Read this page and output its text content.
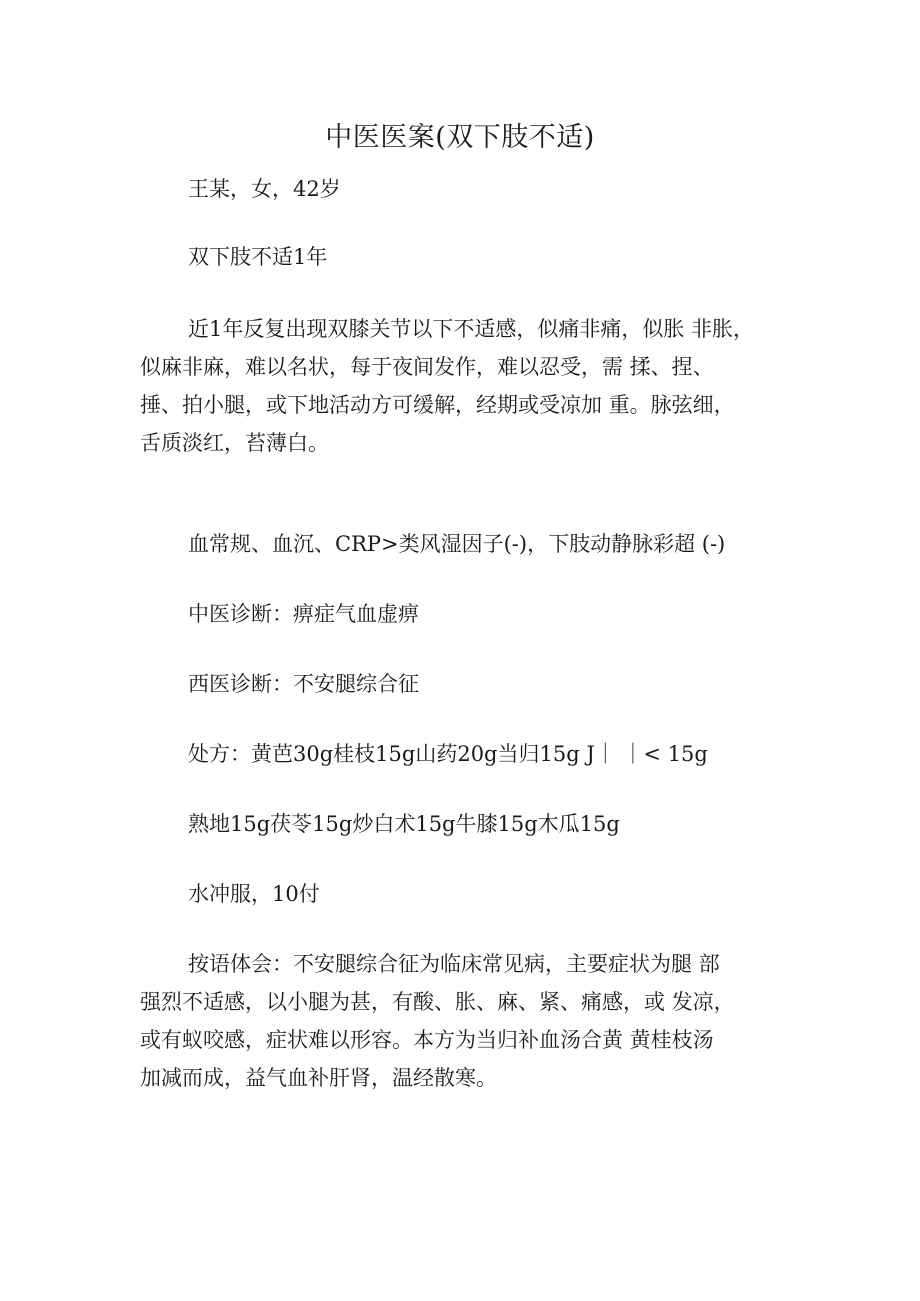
中医医案(双下肢不适)

王某，女，42岁

双下肢不适1年

近1年反复出现双膝关节以下不适感，似痛非痛，似胀 非胀，
似麻非麻，难以名状，每于夜间发作，难以忍受，需 揉、捏、
捶、拍小腿，或下地活动方可缓解，经期或受凉加 重。脉弦细，
舌质淡红，苔薄白。

血常规、血沉、CRP>类风湿因子(-)，下肢动静脉彩超 (-)

中医诊断：痹症气血虚痹

西医诊断：不安腿综合征

处方：黄芭30g桂枝15g山药20g当归15g J｜ ｜< 15g

熟地15g茯苓15g炒白术15g牛膝15g木瓜15g

水冲服，10付

按语体会：不安腿综合征为临床常见病，主要症状为腿 部
强烈不适感，以小腿为甚，有酸、胀、麻、紧、痛感，或 发凉，
或有蚁咬感，症状难以形容。本方为当归补血汤合黄 黄桂枝汤
加减而成，益气血补肝肾，温经散寒。
